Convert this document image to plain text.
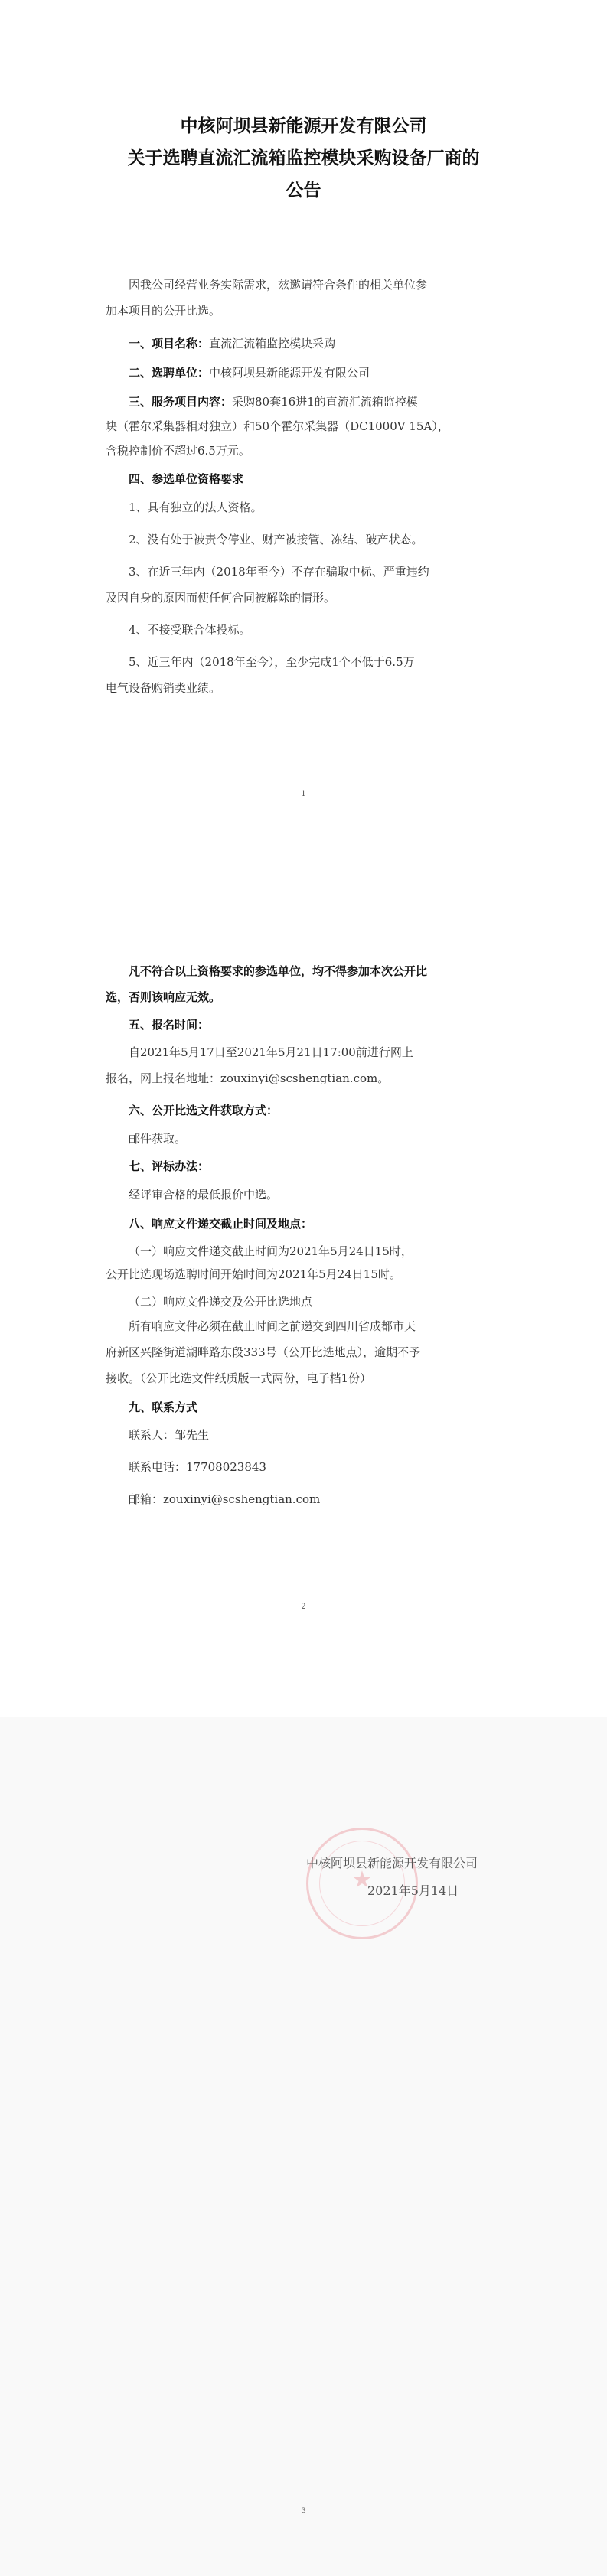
中核阿坝县新能源开发有限公司
关于选聘直流汇流箱监控模块采购设备厂商的
公告
因我公司经营业务实际需求，兹邀请符合条件的相关单位参
加本项目的公开比选。
一、项目名称：直流汇流箱监控模块采购
二、选聘单位：中核阿坝县新能源开发有限公司
三、服务项目内容：采购80套16进1的直流汇流箱监控模
块（霍尔采集器相对独立）和50个霍尔采集器（DC1000V 15A），
含税控制价不超过6.5万元。
四、参选单位资格要求
1、具有独立的法人资格。
2、没有处于被责令停业、财产被接管、冻结、破产状态。
3、在近三年内（2018年至今）不存在骗取中标、严重违约
及因自身的原因而使任何合同被解除的情形。
4、不接受联合体投标。
5、近三年内（2018年至今），至少完成1个不低于6.5万
电气设备购销类业绩。
1
凡不符合以上资格要求的参选单位，均不得参加本次公开比
选，否则该响应无效。
五、报名时间：
自2021年5月17日至2021年5月21日17:00前进行网上
报名，网上报名地址：zouxinyi@scshengtian.com。
六、公开比选文件获取方式：
邮件获取。
七、评标办法：
经评审合格的最低报价中选。
八、响应文件递交截止时间及地点：
（一）响应文件递交截止时间为2021年5月24日15时，
公开比选现场选聘时间开始时间为2021年5月24日15时。
（二）响应文件递交及公开比选地点
所有响应文件必须在截止时间之前递交到四川省成都市天
府新区兴隆街道湖畔路东段333号（公开比选地点），逾期不予
接收。（公开比选文件纸质版一式两份，电子档1份）
九、联系方式
联系人：邹先生
联系电话：17708023843
邮箱：zouxinyi@scshengtian.com
2
★
中核阿坝县新能源开发有限公司
2021年5月14日
3
